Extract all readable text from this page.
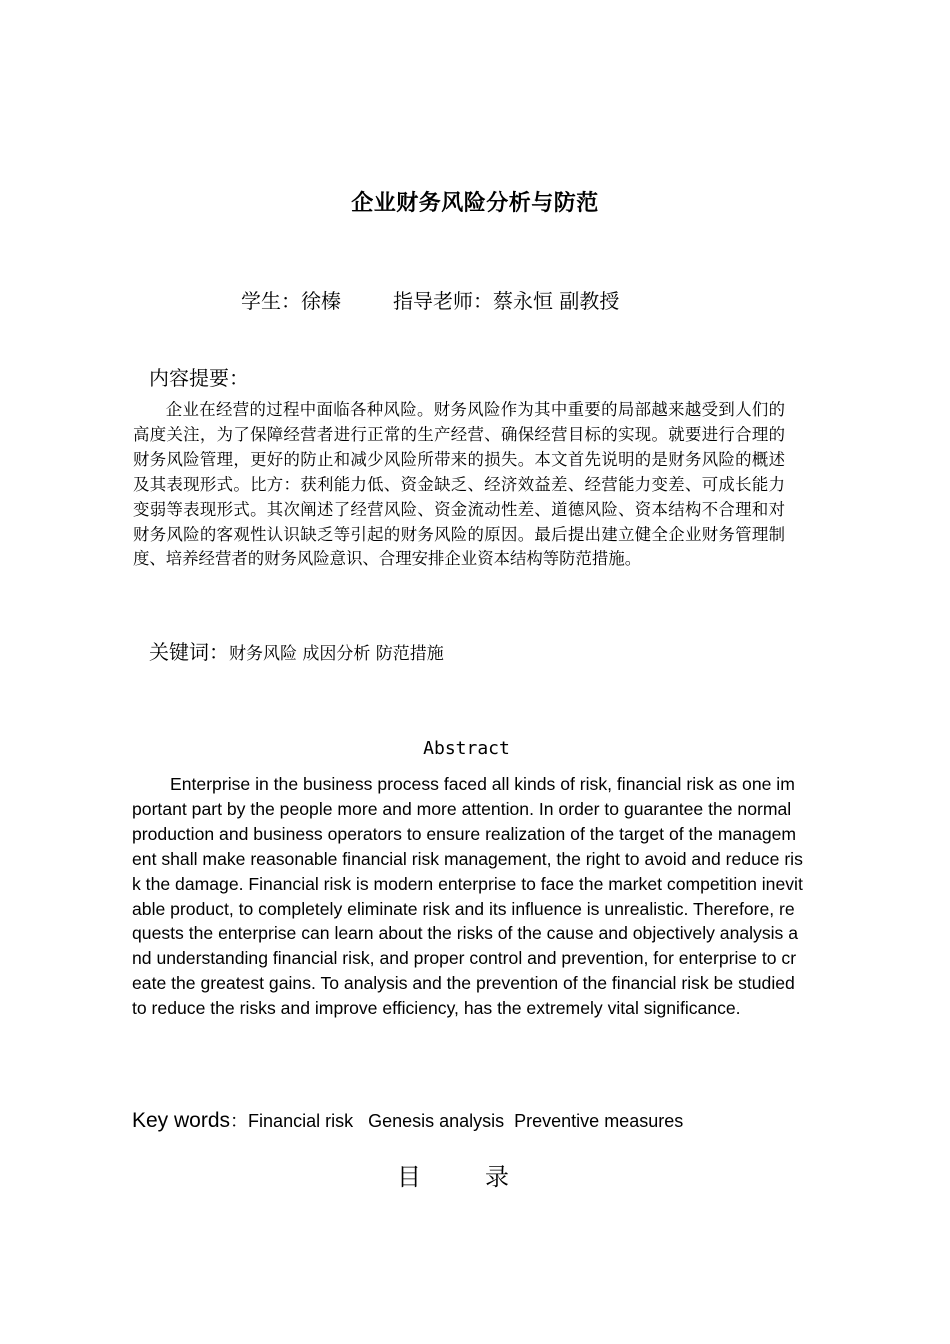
企业财务风险分析与防范
学生：徐榛	指导老师：蔡永恒 副教授
内容提要：

企业在经营的过程中面临各种风险。财务风险作为其中重要的局部越来越受到人们的高度关注，为了保障经营者进行正常的生产经营、确保经营目标的实现。就要进行合理的财务风险管理，更好的防止和减少风险所带来的损失。本文首先说明的是财务风险的概述及其表现形式。比方：获利能力低、资金缺乏、经济效益差、经营能力变差、可成长能力变弱等表现形式。其次阐述了经营风险、资金流动性差、道德风险、资本结构不合理和对财务风险的客观性认识缺乏等引起的财务风险的原因。最后提出建立健全企业财务管理制度、培养经营者的财务风险意识、合理安排企业资本结构等防范措施。

关键词：财务风险 成因分析 防范措施
Abstract

Enterprise in the business process faced all kinds of risk, financial risk as one important part by the people more and more attention. In order to guarantee the normal production and business operators to ensure realization of the target of the management shall make reasonable financial risk management, the right to avoid and reduce risk the damage. Financial risk is modern enterprise to face the market competition inevitable product, to completely eliminate risk and its influence is unrealistic. Therefore, requests the enterprise can learn about the risks of the cause and objectively analysis and understanding financial risk, and proper control and prevention, for enterprise to create the greatest gains. To analysis and the prevention of the financial risk be studied to reduce the risks and improve efficiency, has the extremely vital significance.

Key words：Financial risk   Genesis analysis  Preventive measures
目录
